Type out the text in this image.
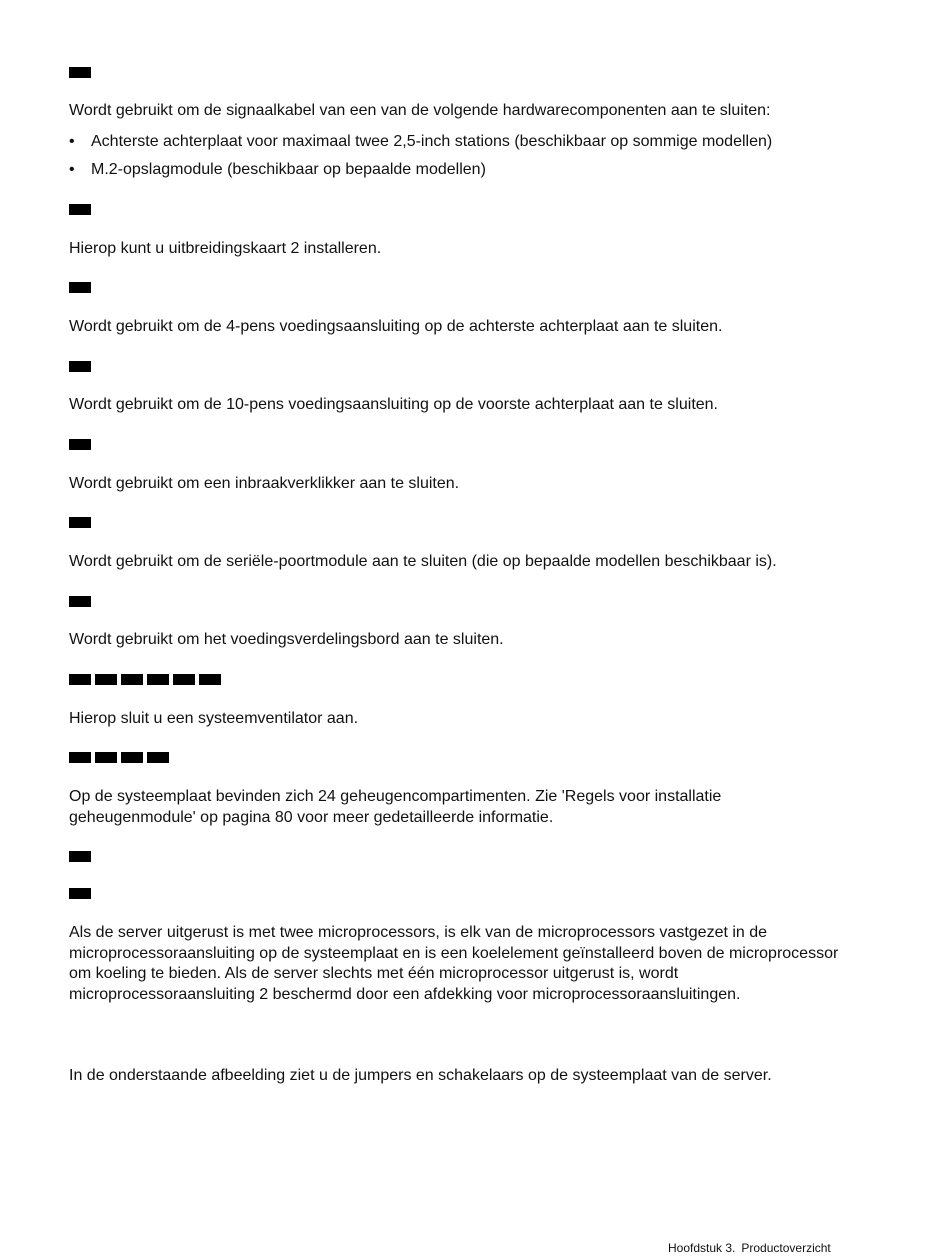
Wordt gebruikt om de signaalkabel van een van de volgende hardwarecomponenten aan te sluiten:
• Achterste achterplaat voor maximaal twee 2,5-inch stations (beschikbaar op sommige modellen)
• M.2-opslagmodule (beschikbaar op bepaalde modellen)
Hierop kunt u uitbreidingskaart 2 installeren.
Wordt gebruikt om de 4-pens voedingsaansluiting op de achterste achterplaat aan te sluiten.
Wordt gebruikt om de 10-pens voedingsaansluiting op de voorste achterplaat aan te sluiten.
Wordt gebruikt om een inbraakverklikker aan te sluiten.
Wordt gebruikt om de seriële-poortmodule aan te sluiten (die op bepaalde modellen beschikbaar is).
Wordt gebruikt om het voedingsverdelingsbord aan te sluiten.
Hierop sluit u een systeemventilator aan.
Op de systeemplaat bevinden zich 24 geheugencompartimenten. Zie 'Regels voor installatie
geheugenmodule' op pagina 80 voor meer gedetailleerde informatie.
Als de server uitgerust is met twee microprocessors, is elk van de microprocessors vastgezet in de
microprocessoraansluiting op de systeemplaat en is een koelelement geïnstalleerd boven de microprocessor
om koeling te bieden. Als de server slechts met één microprocessor uitgerust is, wordt
microprocessoraansluiting 2 beschermd door een afdekking voor microprocessoraansluitingen.
In de onderstaande afbeelding ziet u de jumpers en schakelaars op de systeemplaat van de server.
Hoofdstuk 3. Productoverzicht
